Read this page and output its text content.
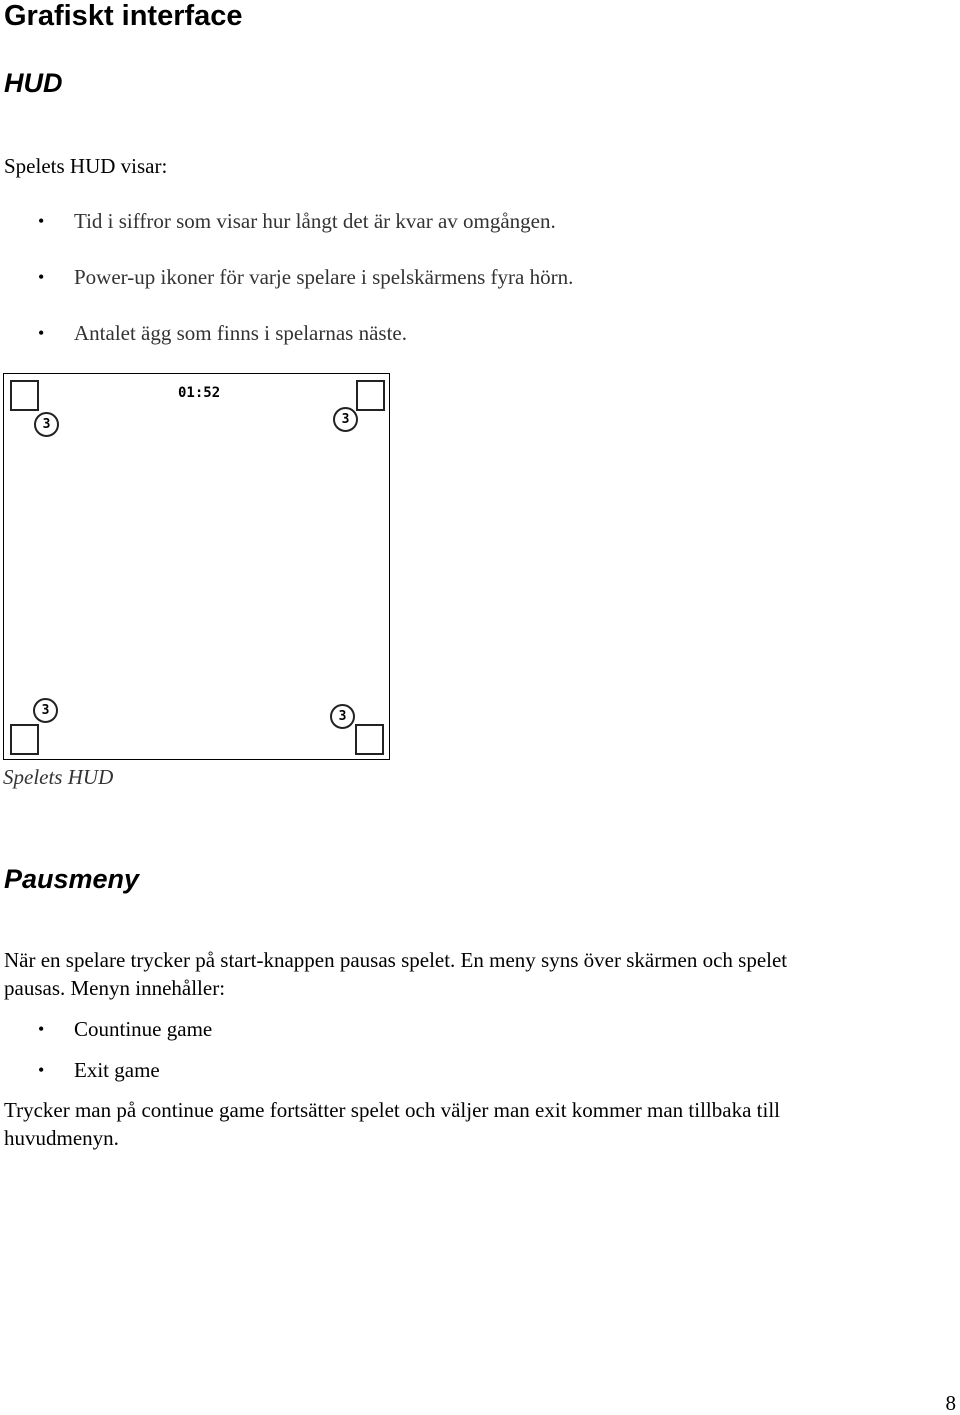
Grafiskt interface
HUD

Spelets HUD visar:

• Tid i siffror som visar hur långt det är kvar av omgången.
• Power-up ikoner för varje spelare i spelskärmens fyra hörn.
• Antalet ägg som finns i spelarnas näste.
01:52
3	3
3	3
Spelets HUD
Pausmeny

När en spelare trycker på start-knappen pausas spelet. En meny syns över skärmen och spelet

pausas. Menyn innehåller:

• Countinue game
• Exit game

Trycker man på continue game fortsätter spelet och väljer man exit kommer man tillbaka till

huvudmenyn.

8
